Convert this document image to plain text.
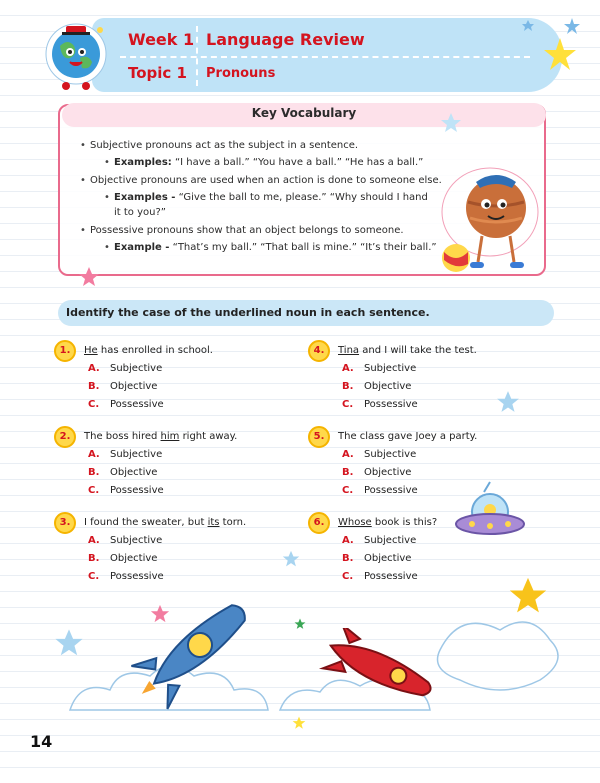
Week 1 Language Review
Topic 1 Pronouns
Key Vocabulary
• Subjective pronouns act as the subject in a sentence.
• Examples: “I have a ball.” “You have a ball.” “He has a ball.”
• Objective pronouns are used when an action is done to someone else.
• Examples - “Give the ball to me, please.” “Why should I hand
it to you?”
• Possessive pronouns show that an object belongs to someone.
• Example - “That’s my ball.” “That ball is mine.” “It’s their ball.”
Identify the case of the underlined noun in each sentence.
1.	He has enrolled in school.
A. Subjective
B. Objective
C. Possessive
2.	The boss hired him right away.
A. Subjective
B. Objective
C. Possessive
3.	I found the sweater, but its torn.
A. Subjective
B. Objective
C. Possessive
4.	Tina and I will take the test.
A. Subjective
B. Objective
C. Possessive
5.	The class gave Joey a party.
A. Subjective
B. Objective
C. Possessive
6.	Whose book is this?
A. Subjective
B. Objective
C. Possessive
14
